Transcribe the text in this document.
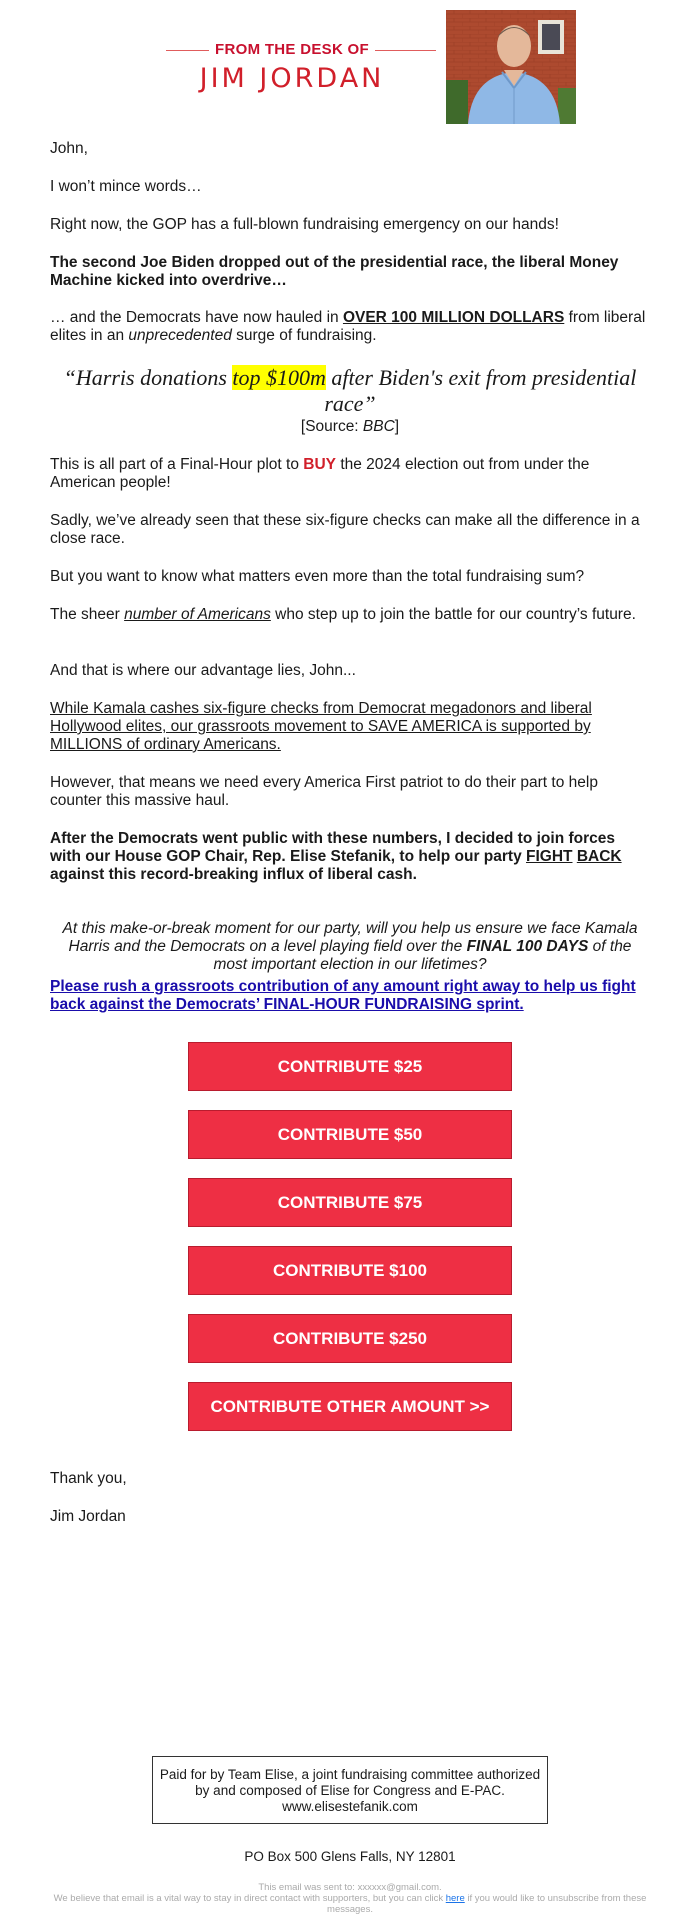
FROM THE DESK OF
JIM JORDAN

John,

I won’t mince words…

Right now, the GOP has a full-blown fundraising emergency on our hands!

The second Joe Biden dropped out of the presidential race, the liberal Money Machine kicked into overdrive…

… and the Democrats have now hauled in OVER 100 MILLION DOLLARS from liberal elites in an unprecedented surge of fundraising.

“Harris donations top $100m after Biden's exit from presidential race”
[Source: BBC]

This is all part of a Final-Hour plot to BUY the 2024 election out from under the American people!

Sadly, we’ve already seen that these six-figure checks can make all the difference in a close race.

But you want to know what matters even more than the total fundraising sum?

The sheer number of Americans who step up to join the battle for our country’s future.

And that is where our advantage lies, John...

While Kamala cashes six-figure checks from Democrat megadonors and liberal Hollywood elites, our grassroots movement to SAVE AMERICA is supported by MILLIONS of ordinary Americans.

However, that means we need every America First patriot to do their part to help counter this massive haul.

After the Democrats went public with these numbers, I decided to join forces with our House GOP Chair, Rep. Elise Stefanik, to help our party FIGHT BACK against this record-breaking influx of liberal cash.

At this make-or-break moment for our party, will you help us ensure we face Kamala Harris and the Democrats on a level playing field over the FINAL 100 DAYS of the most important election in our lifetimes?

Please rush a grassroots contribution of any amount right away to help us fight back against the Democrats’ FINAL-HOUR FUNDRAISING sprint.
CONTRIBUTE $25
CONTRIBUTE $50
CONTRIBUTE $75
CONTRIBUTE $100
CONTRIBUTE $250
CONTRIBUTE OTHER AMOUNT >>

Thank you,

Jim Jordan

Paid for by Team Elise, a joint fundraising committee authorized by and composed of Elise for Congress and E-PAC. www.elisestefanik.com
PO Box 500 Glens Falls, NY 12801
This email was sent to: xxxxxx@gmail.com.
We believe that email is a vital way to stay in direct contact with supporters, but you can click here if you would like to unsubscribe from these messages.
